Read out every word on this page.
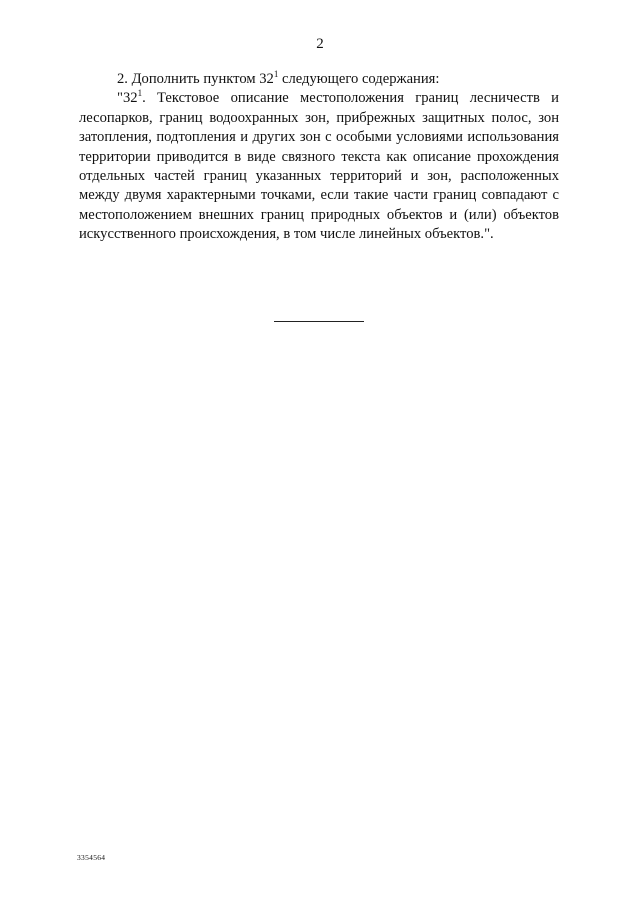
2

2. Дополнить пунктом $32^1$ следующего содержания:

"$32^1$. Текстовое описание местоположения границ лесничеств и лесопарков, границ водоохранных зон, прибрежных защитных полос, зон затопления, подтопления и других зон с особыми условиями использования территории приводится в виде связного текста как описание прохождения отдельных частей границ указанных территорий и зон, расположенных между двумя характерными точками, если такие части границ совпадают с местоположением внешних границ природных объектов и (или) объектов искусственного происхождения, в том числе линейных объектов.".

3354564
